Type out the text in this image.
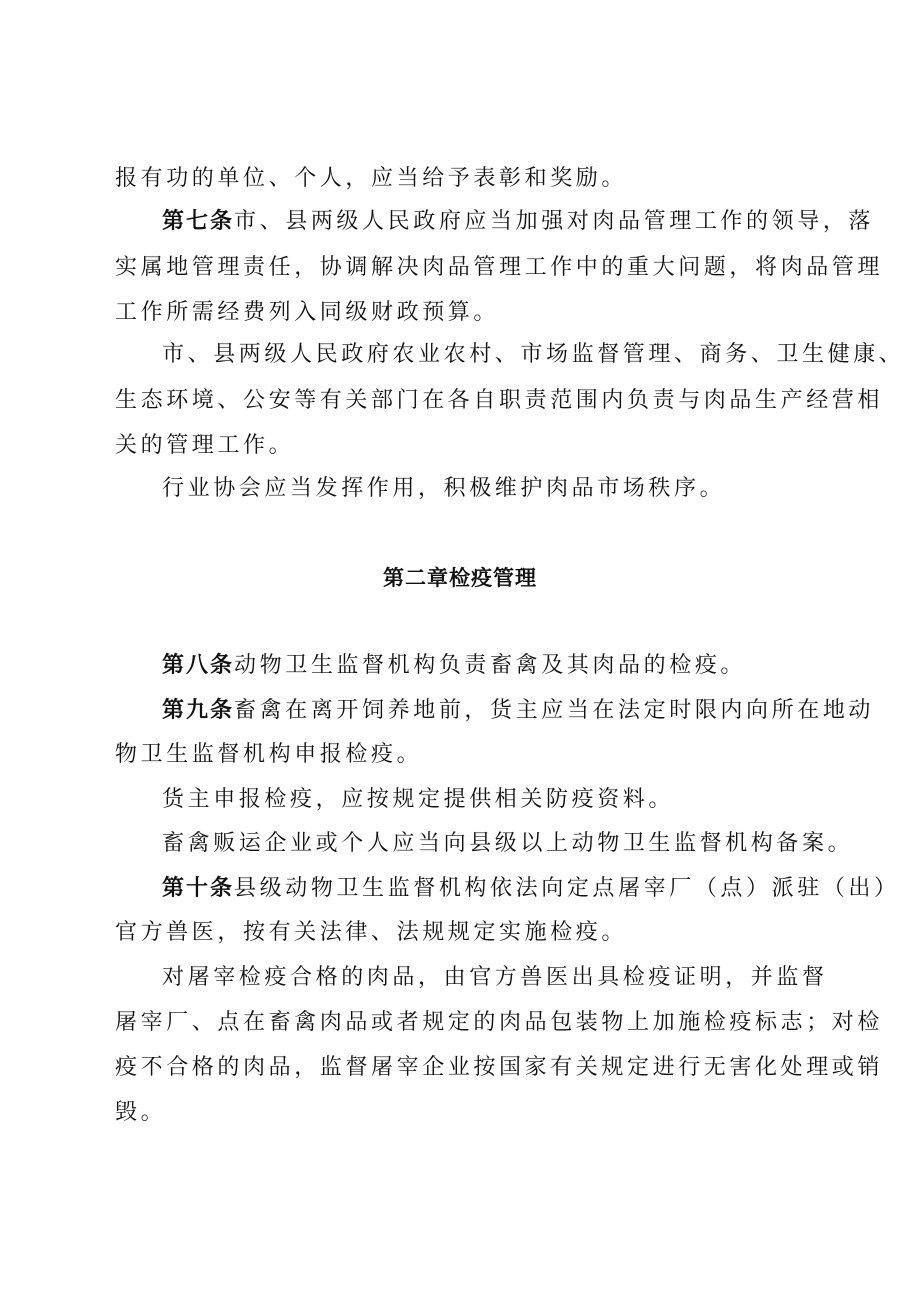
报有功的单位、个人，应当给予表彰和奖励。
第七条市、县两级人民政府应当加强对肉品管理工作的领导，落
实属地管理责任，协调解决肉品管理工作中的重大问题，将肉品管理
工作所需经费列入同级财政预算。
市、县两级人民政府农业农村、市场监督管理、商务、卫生健康、
生态环境、公安等有关部门在各自职责范围内负责与肉品生产经营相
关的管理工作。
行业协会应当发挥作用，积极维护肉品市场秩序。
第二章检疫管理
第八条动物卫生监督机构负责畜禽及其肉品的检疫。
第九条畜禽在离开饲养地前，货主应当在法定时限内向所在地动
物卫生监督机构申报检疫。
货主申报检疫，应按规定提供相关防疫资料。
畜禽贩运企业或个人应当向县级以上动物卫生监督机构备案。
第十条县级动物卫生监督机构依法向定点屠宰厂（点）派驻（出）
官方兽医，按有关法律、法规规定实施检疫。
对屠宰检疫合格的肉品，由官方兽医出具检疫证明，并监督
屠宰厂、点在畜禽肉品或者规定的肉品包装物上加施检疫标志；对检
疫不合格的肉品，监督屠宰企业按国家有关规定进行无害化处理或销
毁。
